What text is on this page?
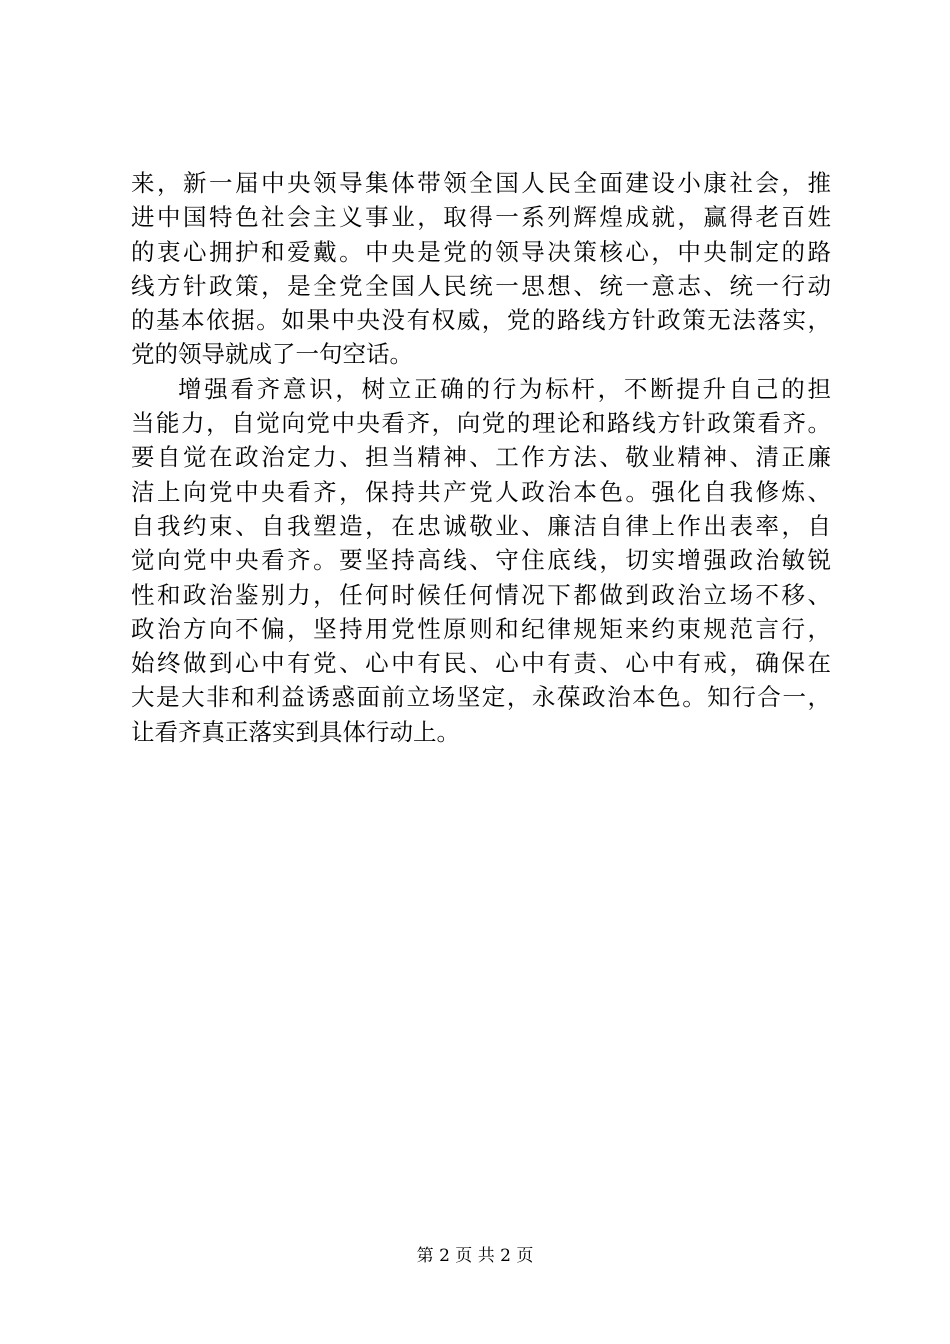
来，新一届中央领导集体带领全国人民全面建设小康社会，推
进中国特色社会主义事业，取得一系列辉煌成就，赢得老百姓
的衷心拥护和爱戴。中央是党的领导决策核心，中央制定的路
线方针政策，是全党全国人民统一思想、统一意志、统一行动
的基本依据。如果中央没有权威，党的路线方针政策无法落实，
党的领导就成了一句空话。
增强看齐意识，树立正确的行为标杆，不断提升自己的担
当能力，自觉向党中央看齐，向党的理论和路线方针政策看齐。
要自觉在政治定力、担当精神、工作方法、敬业精神、清正廉
洁上向党中央看齐，保持共产党人政治本色。强化自我修炼、
自我约束、自我塑造，在忠诚敬业、廉洁自律上作出表率，自
觉向党中央看齐。要坚持高线、守住底线，切实增强政治敏锐
性和政治鉴别力，任何时候任何情况下都做到政治立场不移、
政治方向不偏，坚持用党性原则和纪律规矩来约束规范言行，
始终做到心中有党、心中有民、心中有责、心中有戒，确保在
大是大非和利益诱惑面前立场坚定，永葆政治本色。知行合一，
让看齐真正落实到具体行动上。
第 2 页 共 2 页
